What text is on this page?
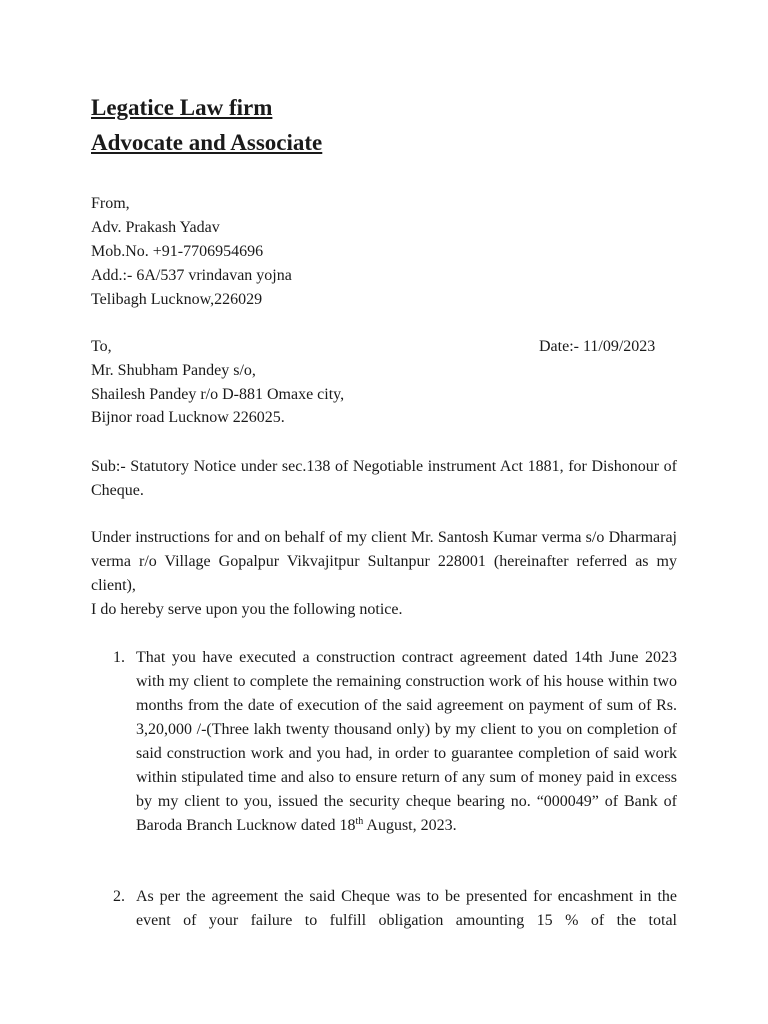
Legatice Law firm
Advocate and Associate
From,
Adv. Prakash Yadav
Mob.No. +91-7706954696
Add.:- 6A/537 vrindavan yojna
Telibagh Lucknow,226029
To,	Date:- 11/09/2023
Mr. Shubham Pandey s/o,
Shailesh Pandey r/o D-881 Omaxe city,
Bijnor road Lucknow 226025.
Sub:- Statutory Notice under sec.138 of Negotiable instrument Act 1881, for Dishonour of Cheque.
Under instructions for and on behalf of my client Mr. Santosh Kumar verma s/o Dharmaraj verma r/o Village Gopalpur Vikvajitpur Sultanpur 228001 (hereinafter referred as my client),
I do hereby serve upon you the following notice.
1. That you have executed a construction contract agreement dated 14th June 2023 with my client to complete the remaining construction work of his house within two months from the date of execution of the said agreement on payment of sum of Rs. 3,20,000 /-(Three lakh twenty thousand only) by my client to you on completion of said construction work and you had, in order to guarantee completion of said work within stipulated time and also to ensure return of any sum of money paid in excess by my client to you, issued the security cheque bearing no. “000049” of Bank of Baroda Branch Lucknow dated 18th August, 2023.
2. As per the agreement the said Cheque was to be presented for encashment in the event of your failure to fulfill obligation amounting 15 % of the total
